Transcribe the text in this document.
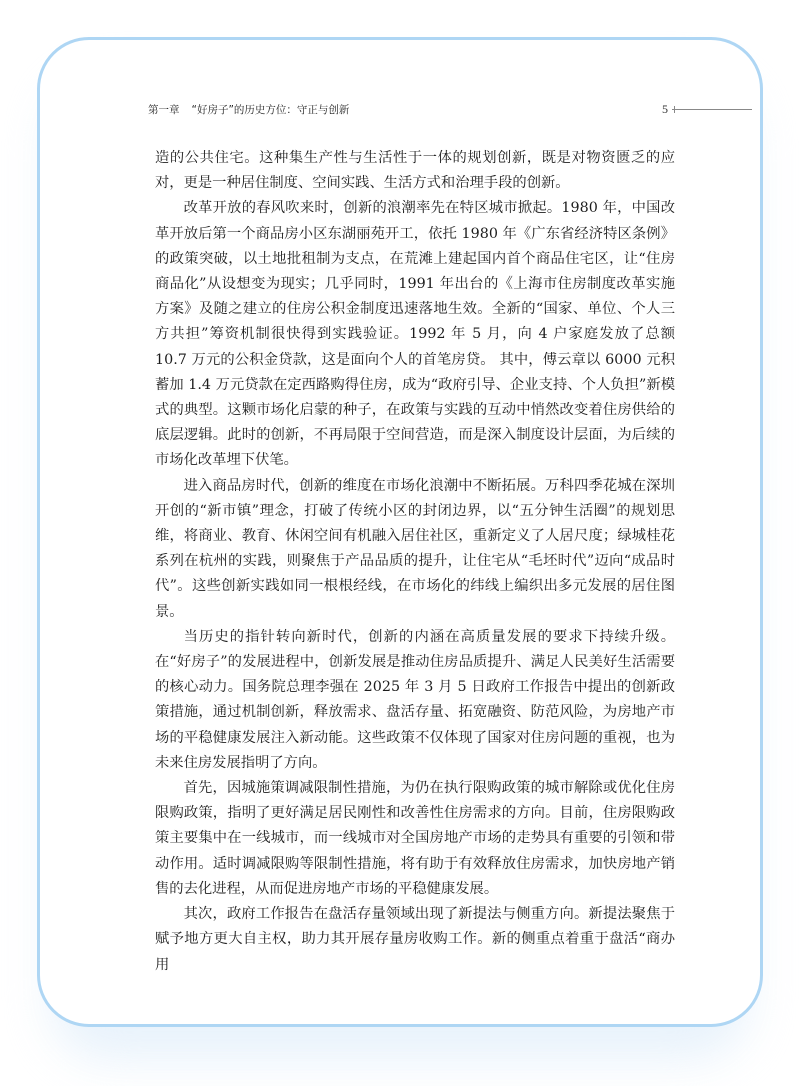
第一章 “好房子”的历史方位：守正与创新	5

造的公共住宅。这种集生产性与生活性于一体的规划创新，既是对物资匮乏的应对，更是一种居住制度、空间实践、生活方式和治理手段的创新。

改革开放的春风吹来时，创新的浪潮率先在特区城市掀起。1980 年，中国改革开放后第一个商品房小区东湖丽苑开工，依托 1980 年《广东省经济特区条例》的政策突破，以土地批租制为支点，在荒滩上建起国内首个商品住宅区，让“住房商品化”从设想变为现实；几乎同时，1991 年出台的《上海市住房制度改革实施方案》及随之建立的住房公积金制度迅速落地生效。全新的“国家、单位、个人三方共担”筹资机制很快得到实践验证。1992 年 5 月，向 4 户家庭发放了总额 10.7 万元的公积金贷款，这是面向个人的首笔房贷。 其中，傅云章以 6000 元积蓄加 1.4 万元贷款在定西路购得住房，成为“政府引导、企业支持、个人负担”新模式的典型。这颗市场化启蒙的种子，在政策与实践的互动中悄然改变着住房供给的底层逻辑。此时的创新，不再局限于空间营造，而是深入制度设计层面，为后续的市场化改革埋下伏笔。

进入商品房时代，创新的维度在市场化浪潮中不断拓展。万科四季花城在深圳开创的“新市镇”理念，打破了传统小区的封闭边界，以“五分钟生活圈”的规划思维，将商业、教育、休闲空间有机融入居住社区，重新定义了人居尺度；绿城桂花系列在杭州的实践，则聚焦于产品品质的提升，让住宅从“毛坯时代”迈向“成品时代”。这些创新实践如同一根根经线，在市场化的纬线上编织出多元发展的居住图景。

当历史的指针转向新时代，创新的内涵在高质量发展的要求下持续升级。在“好房子”的发展进程中，创新发展是推动住房品质提升、满足人民美好生活需要的核心动力。国务院总理李强在 2025 年 3 月 5 日政府工作报告中提出的创新政策措施，通过机制创新，释放需求、盘活存量、拓宽融资、防范风险，为房地产市场的平稳健康发展注入新动能。这些政策不仅体现了国家对住房问题的重视，也为未来住房发展指明了方向。

首先，因城施策调减限制性措施，为仍在执行限购政策的城市解除或优化住房限购政策，指明了更好满足居民刚性和改善性住房需求的方向。目前，住房限购政策主要集中在一线城市，而一线城市对全国房地产市场的走势具有重要的引领和带动作用。适时调减限购等限制性措施，将有助于有效释放住房需求，加快房地产销售的去化进程，从而促进房地产市场的平稳健康发展。

其次，政府工作报告在盘活存量领域出现了新提法与侧重方向。新提法聚焦于赋予地方更大自主权，助力其开展存量房收购工作。新的侧重点着重于盘活“商办用
